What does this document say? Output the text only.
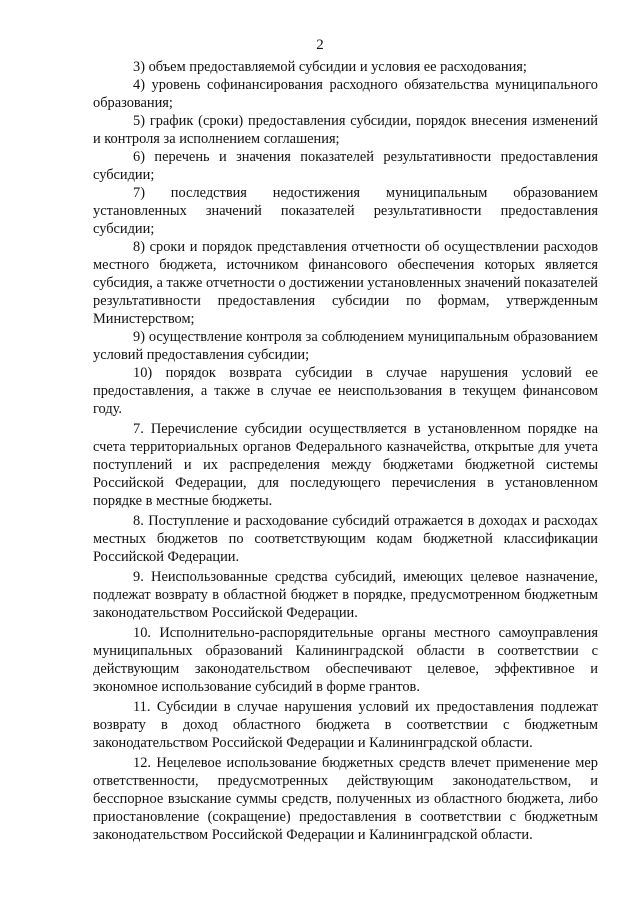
2

3) объем предоставляемой субсидии и условия ее расходования;

4) уровень софинансирования расходного обязательства муниципального образования;

5) график (сроки) предоставления субсидии, порядок внесения изменений и контроля за исполнением соглашения;

6) перечень и значения показателей результативности предоставления субсидии;

7) последствия недостижения муниципальным образованием установленных значений показателей результативности предоставления субсидии;

8) сроки и порядок представления отчетности об осуществлении расходов местного бюджета, источником финансового обеспечения которых является субсидия, а также отчетности о достижении установленных значений показателей результативности предоставления субсидии по формам, утвержденным Министерством;

9) осуществление контроля за соблюдением муниципальным образованием условий предоставления субсидии;

10) порядок возврата субсидии в случае нарушения условий ее предоставления, а также в случае ее неиспользования в текущем финансовом году.

7. Перечисление субсидии осуществляется в установленном порядке на счета территориальных органов Федерального казначейства, открытые для учета поступлений и их распределения между бюджетами бюджетной системы Российской Федерации, для последующего перечисления в установленном порядке в местные бюджеты.

8. Поступление и расходование субсидий отражается в доходах и расходах местных бюджетов по соответствующим кодам бюджетной классификации Российской Федерации.

9. Неиспользованные средства субсидий, имеющих целевое назначение, подлежат возврату в областной бюджет в порядке, предусмотренном бюджетным законодательством Российской Федерации.

10. Исполнительно-распорядительные органы местного самоуправления муниципальных образований Калининградской области в соответствии с действующим законодательством обеспечивают целевое, эффективное и экономное использование субсидий в форме грантов.

11. Субсидии в случае нарушения условий их предоставления подлежат возврату в доход областного бюджета в соответствии с бюджетным законодательством Российской Федерации и Калининградской области.

12. Нецелевое использование бюджетных средств влечет применение мер ответственности, предусмотренных действующим законодательством, и бесспорное взыскание суммы средств, полученных из областного бюджета, либо приостановление (сокращение) предоставления в соответствии с бюджетным законодательством Российской Федерации и Калининградской области.
